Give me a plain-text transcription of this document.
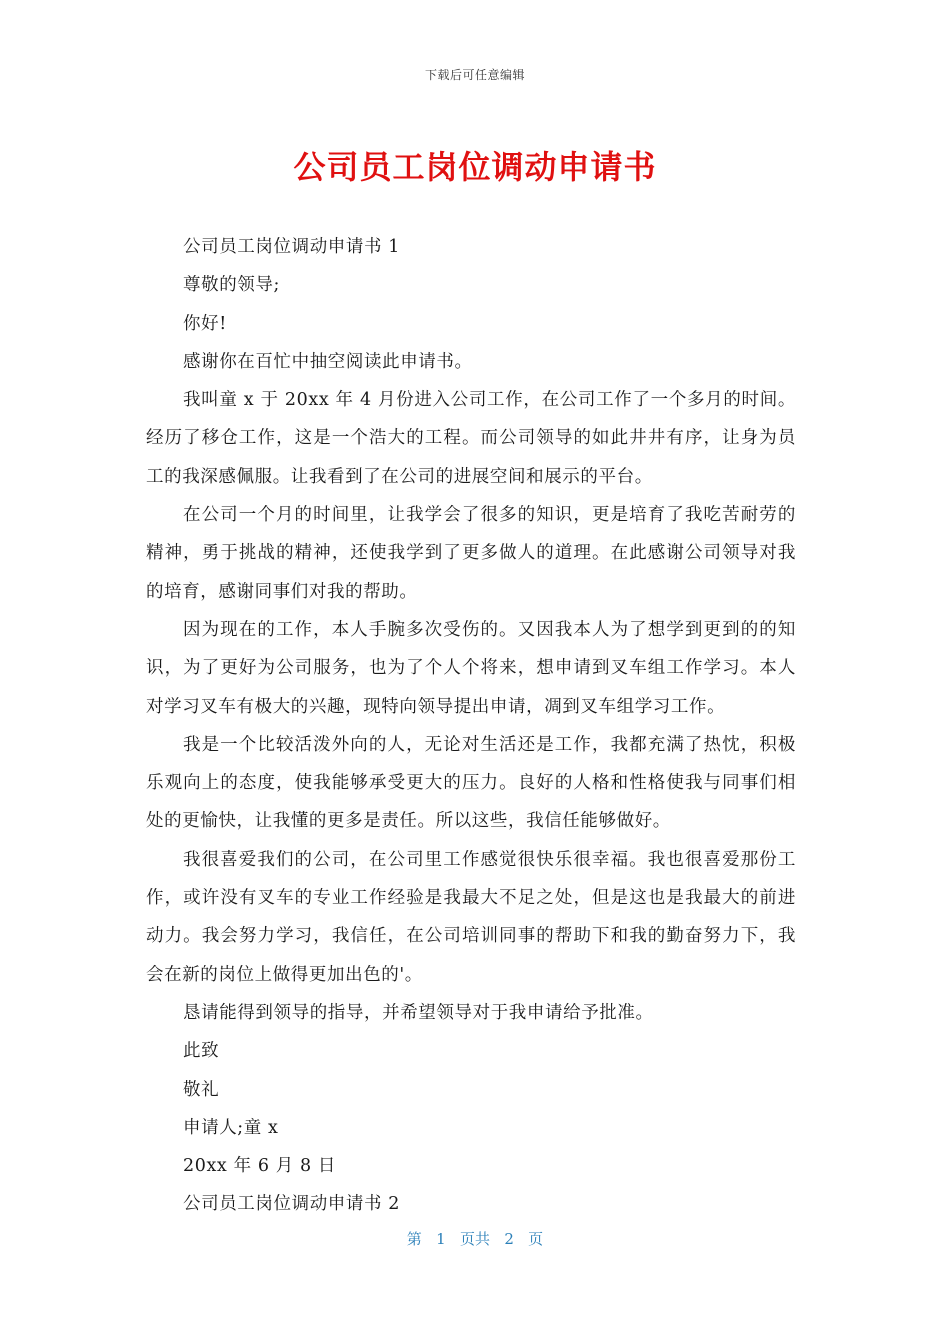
下载后可任意编辑
公司员工岗位调动申请书

公司员工岗位调动申请书 1

尊敬的领导;

你好!

感谢你在百忙中抽空阅读此申请书。

我叫童 x 于 20xx 年 4 月份进入公司工作，在公司工作了一个多月的时间。经历了移仓工作，这是一个浩大的工程。而公司领导的如此井井有序，让身为员工的我深感佩服。让我看到了在公司的进展空间和展示的平台。

在公司一个月的时间里，让我学会了很多的知识，更是培育了我吃苦耐劳的精神，勇于挑战的精神，还使我学到了更多做人的道理。在此感谢公司领导对我的培育，感谢同事们对我的帮助。

因为现在的工作，本人手腕多次受伤的。又因我本人为了想学到更到的的知识，为了更好为公司服务，也为了个人个将来，想申请到叉车组工作学习。本人对学习叉车有极大的兴趣，现特向领导提出申请，凋到叉车组学习工作。

我是一个比较活泼外向的人，无论对生活还是工作，我都充满了热忱，积极乐观向上的态度，使我能够承受更大的压力。良好的人格和性格使我与同事们相处的更愉快，让我懂的更多是责任。所以这些，我信任能够做好。

我很喜爱我们的公司，在公司里工作感觉很快乐很幸福。我也很喜爱那份工作，或许没有叉车的专业工作经验是我最大不足之处，但是这也是我最大的前进动力。我会努力学习，我信任，在公司培训同事的帮助下和我的勤奋努力下，我会在新的岗位上做得更加出色的'。

恳请能得到领导的指导，并希望领导对于我申请给予批准。

此致

敬礼

申请人;童 x

20xx 年 6 月 8 日

公司员工岗位调动申请书 2

第 1 页共 2 页
